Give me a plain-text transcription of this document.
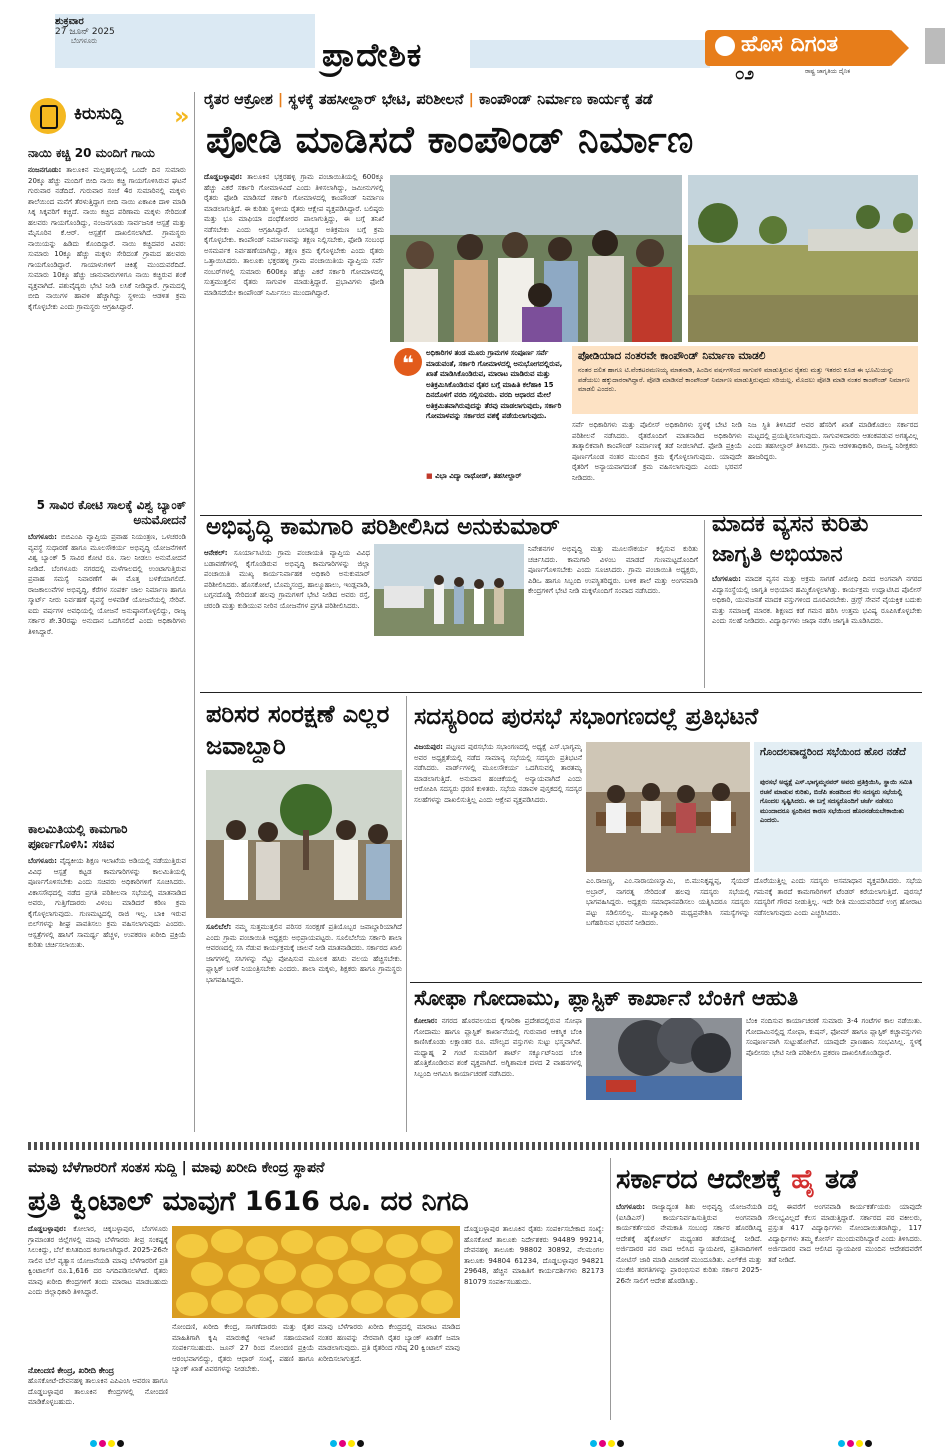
ಶುಕ್ರವಾರ
27 ಜೂನ್ 2025
ಬೆಂಗಳೂರು	ಪ್ರಾದೇಶಿಕ	ಹೊಸ ದಿಗಂತ
ರಾಷ್ಟ್ರ ಜಾಗೃತಿಯ ದೈನಿಕ
೦೨
ಕಿರುಸುದ್ದಿ »
ನಾಯಿ ಕಚ್ಚಿ 20 ಮಂದಿಗೆ ಗಾಯ
ನಂಜನಗೂಡು: ತಾಲೂಕಿನ ಮಲ್ಲಹಳ್ಳಿಯಲ್ಲಿ ಒಂದೇ ದಿನ ಸುಮಾರು 20ಕ್ಕೂ ಹೆಚ್ಚು ಮಂದಿಗೆ ಬೀದಿ ನಾಯಿ ಕಚ್ಚಿ ಗಾಯಗೊಳಿಸಿರುವ ಘಟನೆ ಗುರುವಾರ ನಡೆದಿದೆ. ಗುರುವಾರ ಸಂಜೆ 4ರ ಸುಮಾರಿನಲ್ಲಿ ಮಕ್ಕಳು ಶಾಲೆಯಿಂದ ಮನೆಗೆ ತೆರಳುತ್ತಿದ್ದಾಗ ಬೀದಿ ನಾಯಿ ಏಕಾಏಕಿ ದಾಳಿ ಮಾಡಿ ಸಿಕ್ಕ ಸಿಕ್ಕವರಿಗೆ ಕಚ್ಚಿದೆ. ನಾಯಿ ಕಚ್ಚಿದ ಪರಿಣಾಮ ಮಕ್ಕಳು ಸೇರಿದಂತೆ ಹಲವರು ಗಾಯಗೊಂಡಿದ್ದು, ನಂಜನಗೂಡು ಸಾರ್ವಜನಿಕ ಆಸ್ಪತ್ರೆ ಮತ್ತು ಮೈಸೂರಿನ ಕೆ.ಆರ್. ಆಸ್ಪತ್ರೆಗೆ ದಾಖಲಿಸಲಾಗಿದೆ. ಗ್ರಾಮಸ್ಥರು ನಾಯಿಯನ್ನು ಹಿಡಿದು ಕೊಂದಿದ್ದಾರೆ. ನಾಯಿ ಕಚ್ಚಿದವರ ವಿವರ: ಸುಮಾರು 10ಕ್ಕೂ ಹೆಚ್ಚು ಮಕ್ಕಳು ಸೇರಿದಂತೆ ಗ್ರಾಮದ ಹಲವರು ಗಾಯಗೊಂಡಿದ್ದಾರೆ. ಗಾಯಾಳುಗಳಿಗೆ ಚಿಕಿತ್ಸೆ ಮುಂದುವರೆದಿದೆ. ಸುಮಾರು 10ಕ್ಕೂ ಹೆಚ್ಚು ಜಾನುವಾರುಗಳಿಗೂ ನಾಯಿ ಕಚ್ಚಿರುವ ಶಂಕೆ ವ್ಯಕ್ತವಾಗಿದೆ. ಪಶುವೈದ್ಯರು ಭೇಟಿ ನೀಡಿ ಲಸಿಕೆ ನೀಡಿದ್ದಾರೆ. ಗ್ರಾಮದಲ್ಲಿ ಬೀದಿ ನಾಯಿಗಳ ಹಾವಳಿ ಹೆಚ್ಚಾಗಿದ್ದು ಸ್ಥಳೀಯ ಆಡಳಿತ ಕ್ರಮ ಕೈಗೊಳ್ಳಬೇಕು ಎಂದು ಗ್ರಾಮಸ್ಥರು ಆಗ್ರಹಿಸಿದ್ದಾರೆ.
5 ಸಾವಿರ ಕೋಟಿ ಸಾಲಕ್ಕೆ ವಿಶ್ವ ಬ್ಯಾಂಕ್ ಅನುಮೋದನೆ
ಬೆಂಗಳೂರು: ಬಿಬಿಎಂಪಿ ವ್ಯಾಪ್ತಿಯ ಪ್ರವಾಹ ನಿಯಂತ್ರಣ, ಒಳಚರಂಡಿ ವ್ಯವಸ್ಥೆ ಸುಧಾರಣೆ ಹಾಗೂ ಮೂಲಸೌಕರ್ಯ ಅಭಿವೃದ್ಧಿ ಯೋಜನೆಗಳಿಗೆ ವಿಶ್ವ ಬ್ಯಾಂಕ್ 5 ಸಾವಿರ ಕೋಟಿ ರೂ. ಸಾಲ ನೀಡಲು ಅನುಮೋದನೆ ನೀಡಿದೆ. ಬೆಂಗಳೂರು ನಗರದಲ್ಲಿ ಮಳೆಗಾಲದಲ್ಲಿ ಉಂಟಾಗುತ್ತಿರುವ ಪ್ರವಾಹ ಸಮಸ್ಯೆ ನಿವಾರಣೆಗೆ ಈ ಮೊತ್ತ ಬಳಕೆಯಾಗಲಿದೆ. ರಾಜಕಾಲುವೆಗಳ ಅಭಿವೃದ್ಧಿ, ಕೆರೆಗಳ ಸಂಪರ್ಕ ಜಾಲ ನಿರ್ಮಾಣ ಹಾಗೂ ಸ್ಮಾರ್ಟ್ ನೀರು ನಿರ್ವಹಣೆ ವ್ಯವಸ್ಥೆ ಅಳವಡಿಕೆ ಯೋಜನೆಯಲ್ಲಿ ಸೇರಿವೆ. ಐದು ವರ್ಷಗಳ ಅವಧಿಯಲ್ಲಿ ಯೋಜನೆ ಅನುಷ್ಠಾನಗೊಳ್ಳಲಿದ್ದು, ರಾಜ್ಯ ಸರ್ಕಾರ ಶೇ.30ರಷ್ಟು ಅನುದಾನ ಒದಗಿಸಲಿದೆ ಎಂದು ಅಧಿಕಾರಿಗಳು ತಿಳಿಸಿದ್ದಾರೆ.
ಕಾಲಮಿತಿಯಲ್ಲಿ ಕಾಮಗಾರಿ ಪೂರ್ಣಗೊಳಿಸಿ: ಸಚಿವ
ಬೆಂಗಳೂರು: ವೈದ್ಯಕೀಯ ಶಿಕ್ಷಣ ಇಲಾಖೆಯ ಅಡಿಯಲ್ಲಿ ನಡೆಯುತ್ತಿರುವ ವಿವಿಧ ಆಸ್ಪತ್ರೆ ಕಟ್ಟಡ ಕಾಮಗಾರಿಗಳನ್ನು ಕಾಲಮಿತಿಯಲ್ಲಿ ಪೂರ್ಣಗೊಳಿಸಬೇಕು ಎಂದು ಸಚಿವರು ಅಧಿಕಾರಿಗಳಿಗೆ ಸೂಚಿಸಿದರು. ವಿಕಾಸಸೌಧದಲ್ಲಿ ನಡೆದ ಪ್ರಗತಿ ಪರಿಶೀಲನಾ ಸಭೆಯಲ್ಲಿ ಮಾತನಾಡಿದ ಅವರು, ಗುತ್ತಿಗೆದಾರರು ವಿಳಂಬ ಮಾಡಿದರೆ ಕಠಿಣ ಕ್ರಮ ಕೈಗೊಳ್ಳಲಾಗುವುದು. ಗುಣಮಟ್ಟದಲ್ಲಿ ರಾಜಿ ಇಲ್ಲ. ಬಾಕಿ ಇರುವ ಬಿಲ್‌ಗಳನ್ನು ಶೀಘ್ರ ಪಾವತಿಸಲು ಕ್ರಮ ವಹಿಸಲಾಗುವುದು ಎಂದರು. ಆಸ್ಪತ್ರೆಗಳಲ್ಲಿ ಹಾಸಿಗೆ ಸಾಮರ್ಥ್ಯ ಹೆಚ್ಚಳ, ಉಪಕರಣ ಖರೀದಿ ಪ್ರಕ್ರಿಯೆ ಕುರಿತು ಚರ್ಚಿಸಲಾಯಿತು.
ರೈತರ ಆಕ್ರೋಶ | ಸ್ಥಳಕ್ಕೆ ತಹಸೀಲ್ದಾರ್ ಭೇಟಿ, ಪರಿಶೀಲನೆ | ಕಾಂಪೌಂಡ್ ನಿರ್ಮಾಣ ಕಾರ್ಯಕ್ಕೆ ತಡೆ
ಪೋಡಿ ಮಾಡಿಸದೆ ಕಾಂಪೌಂಡ್ ನಿರ್ಮಾಣ
ದೊಡ್ಡಬಳ್ಳಾಪುರ: ತಾಲೂಕಿನ ಭಕ್ತರಹಳ್ಳಿ ಗ್ರಾಮ ಪಂಚಾಯಿತಿಯಲ್ಲಿ 600ಕ್ಕೂ ಹೆಚ್ಚು ಎಕರೆ ಸರ್ಕಾರಿ ಗೋಮಾಳವಿದೆ ಎಂದು ತಿಳಿಸಲಾಗಿದ್ದು, ಜಮೀನುಗಳಲ್ಲಿ ರೈತರು ಫೋಡಿ ಮಾಡಿಸದೆ ಸರ್ಕಾರಿ ಗೋಮಾಳದಲ್ಲಿ ಕಾಂಪೌಂಡ್ ನಿರ್ಮಾಣ ಮಾಡಲಾಗುತ್ತಿದೆ. ಈ ಕುರಿತು ಸ್ಥಳೀಯ ರೈತರು ಆಕ್ಷೇಪ ವ್ಯಕ್ತಪಡಿಸಿದ್ದಾರೆ. ಬಲಿಷ್ಠರು ಮತ್ತು ಭೂ ಮಾಫಿಯಾ ದಂಧೆಕೋರರ ಪಾಲಾಗುತ್ತಿದ್ದು, ಈ ಬಗ್ಗೆ ತನಿಖೆ ನಡೆಸಬೇಕು ಎಂದು ಆಗ್ರಹಿಸಿದ್ದಾರೆ. ಬಲಾಢ್ಯರ ಅತಿಕ್ರಮಣ ಬಗ್ಗೆ ಕ್ರಮ ಕೈಗೊಳ್ಳಬೇಕು. ಕಾಂಪೌಂಡ್ ನಿರ್ಮಾಣವನ್ನು ತಕ್ಷಣ ನಿಲ್ಲಿಸಬೇಕು, ಫೋಡಿ ಸಂಬಂಧ ಅಸಮರ್ಪಕ ನಿರ್ವಹಣೆಯಾಗಿದ್ದು, ತಕ್ಷಣ ಕ್ರಮ ಕೈಗೊಳ್ಳಬೇಕು ಎಂದು ರೈತರು ಒತ್ತಾಯಿಸಿದರು. ತಾಲೂಕು ಭಕ್ತರಹಳ್ಳಿ ಗ್ರಾಮ ಪಂಚಾಯಿತಿಯ ವ್ಯಾಪ್ತಿಯ ಸರ್ವೆ ನಂಬರ್‌ಗಳಲ್ಲಿ ಸುಮಾರು 600ಕ್ಕೂ ಹೆಚ್ಚು ಎಕರೆ ಸರ್ಕಾರಿ ಗೋಮಾಳದಲ್ಲಿ ಸುತ್ತಮುತ್ತಲಿನ ರೈತರು ಸಾಗುವಳಿ ಮಾಡುತ್ತಿದ್ದಾರೆ. ಪ್ರಭಾವಿಗಳು ಫೋಡಿ ಮಾಡಿಸದೆಯೇ ಕಾಂಪೌಂಡ್ ನಿರ್ಮಿಸಲು ಮುಂದಾಗಿದ್ದಾರೆ.
❝	ಅಧಿಕಾರಿಗಳ ತಂಡ ಮೂರು ಗ್ರಾಮಗಳ ಸಂಪೂರ್ಣ ಸರ್ವೆ ಮಾಡುವಂತೆ, ಸರ್ಕಾರಿ ಗೋಮಾಳದಲ್ಲಿ ಅನುಭೋಗದಲ್ಲಿರುವ, ಖಾತೆ ಮಾಡಿಸಿಕೊಂಡಿರುವ, ಮಾರಾಟ ಮಾಡಿರುವ ಮತ್ತು ಅತಿಕ್ರಮಿಸಿಕೊಂಡಿರುವ ರೈತರ ಬಗ್ಗೆ ಮಾಹಿತಿ ಕಲೆಹಾಕಿ 15 ದಿನದೊಳಗೆ ವರದಿ ಸಲ್ಲಿಸುವರು. ವರದಿ ಆಧಾರದ ಮೇಲೆ ಅತಿಕ್ರಮಿತವಾಗಿರುವುದನ್ನು ತೆರವು ಮಾಡಲಾಗುವುದು, ಸರ್ಕಾರಿ ಗೋಮಾಳವನ್ನು ಸರ್ಕಾರದ ವಶಕ್ಕೆ ಪಡೆಯಲಾಗುವುದು.
■ ವಿಭಾ ವಿದ್ಯಾ ರಾಥೋಡ್, ತಹಸೀಲ್ದಾರ್
ಪೋಡಿಯಾದ ನಂತರವೇ ಕಾಂಪೌಂಡ್ ನಿರ್ಮಾಣ ಮಾಡಲಿ
ನಂತರ ದಲಿತ ಹಾಗೂ ಟಿ.ವೆಂಕಟರಮಣಯ್ಯ ಮಾತನಾಡಿ, ಹಿಂದಿನ ವರ್ಷಗಳಿಂದ ಸಾಗುವಳಿ ಮಾಡುತ್ತಿರುವ ರೈತರು ಮತ್ತು ಇತರರು ಕೂಡ ಈ ಭೂಮಿಯನ್ನು ಪಡೆಯಲು ಹಕ್ಕುದಾರರಾಗಿದ್ದಾರೆ. ಪೋಡಿ ಮಾಡಿಸದೆ ಕಾಂಪೌಂಡ್ ನಿರ್ಮಾಣ ಮಾಡುತ್ತಿರುವುದು ಸರಿಯಲ್ಲ. ಮೊದಲು ಪೋಡಿ ಮಾಡಿ ನಂತರ ಕಾಂಪೌಂಡ್ ನಿರ್ಮಾಣ ಮಾಡಲಿ ಎಂದರು.
ಸರ್ವೆ ಅಧಿಕಾರಿಗಳು ಮತ್ತು ಪೊಲೀಸ್ ಅಧಿಕಾರಿಗಳು ಸ್ಥಳಕ್ಕೆ ಬೇಟಿ ನೀಡಿ ಪರಿಶೀಲನೆ ನಡೆಸಿದರು. ರೈತರೊಂದಿಗೆ ಮಾತನಾಡಿದ ಅಧಿಕಾರಿಗಳು ತಾತ್ಕಾಲಿಕವಾಗಿ ಕಾಂಪೌಂಡ್ ನಿರ್ಮಾಣಕ್ಕೆ ತಡೆ ನೀಡಲಾಗಿದೆ. ಫೋಡಿ ಪ್ರಕ್ರಿಯೆ ಪೂರ್ಣಗೊಂಡ ನಂತರ ಮುಂದಿನ ಕ್ರಮ ಕೈಗೊಳ್ಳಲಾಗುವುದು. ಯಾವುದೇ ರೈತರಿಗೆ ಅನ್ಯಾಯವಾಗದಂತೆ ಕ್ರಮ ವಹಿಸಲಾಗುವುದು ಎಂದು ಭರವಸೆ ನೀಡಿದರು.
ನಿಜ ಸ್ಥಿತಿ ತಿಳಿಸಿದರೆ ಅವರ ಹೆಸರಿಗೆ ಖಾತೆ ಮಾಡಿಕೊಡಲು ಸರ್ಕಾರದ ಮಟ್ಟದಲ್ಲಿ ಪ್ರಯತ್ನಿಸಲಾಗುವುದು. ಸಾಗುವಳಿದಾರರು ಆತಂಕಪಡುವ ಅಗತ್ಯವಿಲ್ಲ ಎಂದು ತಹಸೀಲ್ದಾರ್ ತಿಳಿಸಿದರು. ಗ್ರಾಮ ಆಡಳಿತಾಧಿಕಾರಿ, ರಾಜಸ್ವ ನಿರೀಕ್ಷಕರು ಹಾಜರಿದ್ದರು.
ಅಭಿವೃದ್ಧಿ ಕಾಮಗಾರಿ ಪರಿಶೀಲಿಸಿದ ಅನುಕುಮಾರ್
ಆನೇಕಲ್: ಸೂರ್ಯಾಸಿಟಿಯ ಗ್ರಾಮ ಪಂಚಾಯತಿ ವ್ಯಾಪ್ತಿಯ ವಿವಿಧ ಬಡಾವಣೆಗಳಲ್ಲಿ ಕೈಗೊಂಡಿರುವ ಅಭಿವೃದ್ಧಿ ಕಾಮಗಾರಿಗಳನ್ನು ಜಿಲ್ಲಾ ಪಂಚಾಯಿತಿ ಮುಖ್ಯ ಕಾರ್ಯನಿರ್ವಾಹಕ ಅಧಿಕಾರಿ ಅನುಕುಮಾರ್ ಪರಿಶೀಲಿಸಿದರು. ಹೊಸಕೋಟೆ, ಬೊಮ್ಮಸಂದ್ರ, ಹಾಲ್ಮೂಹಾಲು, ಇಂಡ್ಲವಾಡಿ, ಬಗ್ಗನದೊಡ್ಡಿ ಸೇರಿದಂತೆ ಹಲವು ಗ್ರಾಮಗಳಿಗೆ ಭೇಟಿ ನೀಡಿದ ಅವರು ರಸ್ತೆ, ಚರಂಡಿ ಮತ್ತು ಕುಡಿಯುವ ನೀರಿನ ಯೋಜನೆಗಳ ಪ್ರಗತಿ ಪರಿಶೀಲಿಸಿದರು.
ನಿವೇಶನಗಳ ಅಭಿವೃದ್ಧಿ ಮತ್ತು ಮೂಲಸೌಕರ್ಯ ಕಲ್ಪಿಸುವ ಕುರಿತು ಚರ್ಚಿಸಿದರು. ಕಾಮಗಾರಿ ವಿಳಂಬ ಮಾಡದೆ ಗುಣಮಟ್ಟದೊಂದಿಗೆ ಪೂರ್ಣಗೊಳಿಸಬೇಕು ಎಂದು ಸೂಚಿಸಿದರು. ಗ್ರಾಮ ಪಂಚಾಯಿತಿ ಅಧ್ಯಕ್ಷರು, ಪಿಡಿಒ ಹಾಗೂ ಸಿಬ್ಬಂದಿ ಉಪಸ್ಥಿತರಿದ್ದರು. ಬಳಿಕ ಶಾಲೆ ಮತ್ತು ಅಂಗನವಾಡಿ ಕೇಂದ್ರಗಳಿಗೆ ಭೇಟಿ ನೀಡಿ ಮಕ್ಕಳೊಂದಿಗೆ ಸಂವಾದ ನಡೆಸಿದರು.
ಮಾದಕ ವ್ಯಸನ ಕುರಿತು ಜಾಗೃತಿ ಅಭಿಯಾನ
ಬೆಂಗಳೂರು: ಮಾದಕ ವ್ಯಸನ ಮತ್ತು ಅಕ್ರಮ ಸಾಗಣೆ ವಿರೋಧಿ ದಿನದ ಅಂಗವಾಗಿ ನಗರದ ವಿದ್ಯಾಸಂಸ್ಥೆಯಲ್ಲಿ ಜಾಗೃತಿ ಅಭಿಯಾನ ಹಮ್ಮಿಕೊಳ್ಳಲಾಗಿತ್ತು. ಕಾರ್ಯಕ್ರಮ ಉದ್ಘಾಟಿಸಿದ ಪೊಲೀಸ್ ಅಧಿಕಾರಿ, ಯುವಜನತೆ ಮಾದಕ ವಸ್ತುಗಳಿಂದ ದೂರವಿರಬೇಕು. ಡ್ರಗ್ಸ್ ಸೇವನೆ ವೈಯಕ್ತಿಕ ಬದುಕು ಮತ್ತು ಸಮಾಜಕ್ಕೆ ಮಾರಕ. ಶಿಕ್ಷಣದ ಕಡೆ ಗಮನ ಹರಿಸಿ ಉತ್ತಮ ಭವಿಷ್ಯ ರೂಪಿಸಿಕೊಳ್ಳಬೇಕು ಎಂದು ಸಲಹೆ ನೀಡಿದರು. ವಿದ್ಯಾರ್ಥಿಗಳು ಜಾಥಾ ನಡೆಸಿ ಜಾಗೃತಿ ಮೂಡಿಸಿದರು.
ಪರಿಸರ ಸಂರಕ್ಷಣೆ ಎಲ್ಲರ ಜವಾಬ್ದಾರಿ
ಸೂಲಿಬೆಲೆ: ನಮ್ಮ ಸುತ್ತಮುತ್ತಲಿನ ಪರಿಸರ ಸಂರಕ್ಷಣೆ ಪ್ರತಿಯೊಬ್ಬರ ಜವಾಬ್ದಾರಿಯಾಗಿದೆ ಎಂದು ಗ್ರಾಮ ಪಂಚಾಯಿತಿ ಅಧ್ಯಕ್ಷರು ಅಭಿಪ್ರಾಯಪಟ್ಟರು. ಸೂಲಿಬೆಲೆಯ ಸರ್ಕಾರಿ ಶಾಲಾ ಆವರಣದಲ್ಲಿ ಸಸಿ ನೆಡುವ ಕಾರ್ಯಕ್ರಮಕ್ಕೆ ಚಾಲನೆ ನೀಡಿ ಮಾತನಾಡಿದರು. ಸರ್ಕಾರದ ಖಾಲಿ ಜಾಗಗಳಲ್ಲಿ ಸಸಿಗಳನ್ನು ನೆಟ್ಟು ಪೋಷಿಸುವ ಮೂಲಕ ಹಸಿರು ವಲಯ ಹೆಚ್ಚಿಸಬೇಕು. ಪ್ಲಾಸ್ಟಿಕ್ ಬಳಕೆ ನಿಯಂತ್ರಿಸಬೇಕು ಎಂದರು. ಶಾಲಾ ಮಕ್ಕಳು, ಶಿಕ್ಷಕರು ಹಾಗೂ ಗ್ರಾಮಸ್ಥರು ಭಾಗವಹಿಸಿದ್ದರು.
ಸದಸ್ಯರಿಂದ ಪುರಸಭೆ ಸಭಾಂಗಣದಲ್ಲೆ ಪ್ರತಿಭಟನೆ
ವಿಜಯಪುರ: ಪಟ್ಟಣದ ಪುರಸಭೆಯ ಸಭಾಂಗಣದಲ್ಲಿ ಅಧ್ಯಕ್ಷೆ ಎಸ್.ಭಾಗ್ಯಮ್ಮ ಅವರ ಅಧ್ಯಕ್ಷತೆಯಲ್ಲಿ ನಡೆದ ಸಾಮಾನ್ಯ ಸಭೆಯಲ್ಲಿ ಸದಸ್ಯರು ಪ್ರತಿಭಟನೆ ನಡೆಸಿದರು. ವಾರ್ಡ್‌ಗಳಲ್ಲಿ ಮೂಲಸೌಕರ್ಯ ಒದಗಿಸುವಲ್ಲಿ ತಾರತಮ್ಯ ಮಾಡಲಾಗುತ್ತಿದೆ. ಅನುದಾನ ಹಂಚಿಕೆಯಲ್ಲಿ ಅನ್ಯಾಯವಾಗಿದೆ ಎಂದು ಆರೋಪಿಸಿ ಸದಸ್ಯರು ಧರಣಿ ಕುಳಿತರು. ಸಭೆಯ ನಡಾವಳಿ ಪುಸ್ತಕದಲ್ಲಿ ಸದಸ್ಯರ ಸಲಹೆಗಳನ್ನು ದಾಖಲಿಸುತ್ತಿಲ್ಲ ಎಂದು ಆಕ್ಷೇಪ ವ್ಯಕ್ತಪಡಿಸಿದರು.
ಗೊಂದಲವಾದ್ದರಿಂದ ಸಭೆಯಿಂದ ಹೊರ ನಡೆದೆ
ಪುರಸಭೆ ಅಧ್ಯಕ್ಷೆ ಎಸ್.ಭಾಗ್ಯಮ್ಮನವರ್ ಅವರು ಪ್ರತಿಕ್ರಿಯಿಸಿ, ಸ್ಥಾಯಿ ಸಮಿತಿ ರಚನೆ ಮಾಡುವ ಕುರಿತು, ಬಿಜೆಪಿ ತಂಡದಿಂದ ಕೆಲ ಸದಸ್ಯರು ಸಭೆಯಲ್ಲಿ ಗೊಂದಲ ಸೃಷ್ಟಿಸಿದರು. ಈ ಬಗ್ಗೆ ಸದಸ್ಯರೊಂದಿಗೆ ಚರ್ಚೆ ನಡೆಸಲು ಮುಂದಾದರೂ ಸ್ಪಂದಿಸದ ಕಾರಣ ಸಭೆಯಿಂದ ಹೊರನಡೆಯಬೇಕಾಯಿತು ಎಂದರು.
ಎಂ.ರಾಜಣ್ಣ, ಎಂ.ನಾರಾಯಣಸ್ವಾಮಿ, ಬಿ.ಮುನಿಕೃಷ್ಣಪ್ಪ, ಸೈಯದ್ ಅಬ್ರಾರ್, ನಾಗರತ್ನ ಸೇರಿದಂತೆ ಹಲವು ಸದಸ್ಯರು ಸಭೆಯಲ್ಲಿ ಭಾಗವಹಿಸಿದ್ದರು. ಅಧ್ಯಕ್ಷರು ಸಮಾಧಾನಪಡಿಸಲು ಯತ್ನಿಸಿದರೂ ಸದಸ್ಯರು ಪಟ್ಟು ಸಡಿಲಿಸಲಿಲ್ಲ. ಮುಖ್ಯಾಧಿಕಾರಿ ಮಧ್ಯಪ್ರವೇಶಿಸಿ ಸಮಸ್ಯೆಗಳನ್ನು ಬಗೆಹರಿಸುವ ಭರವಸೆ ನೀಡಿದರು.
ದೊರೆಯುತ್ತಿಲ್ಲ ಎಂದು ಸದಸ್ಯರು ಅಸಮಾಧಾನ ವ್ಯಕ್ತಪಡಿಸಿದರು. ಸಭೆಯ ಗಮನಕ್ಕೆ ತಾರದೆ ಕಾಮಗಾರಿಗಳಿಗೆ ಟೆಂಡರ್ ಕರೆಯಲಾಗುತ್ತಿದೆ. ಪುರಸಭೆ ಸದಸ್ಯರಿಗೆ ಗೌರವ ನೀಡುತ್ತಿಲ್ಲ. ಇದೇ ರೀತಿ ಮುಂದುವರಿದರೆ ಉಗ್ರ ಹೋರಾಟ ನಡೆಸಲಾಗುವುದು ಎಂದು ಎಚ್ಚರಿಸಿದರು.
ಸೋಫಾ ಗೋದಾಮು, ಪ್ಲಾಸ್ಟಿಕ್ ಕಾರ್ಖಾನೆ ಬೆಂಕಿಗೆ ಆಹುತಿ
ಕೋಲಾರ: ನಗರದ ಹೊರವಲಯದ ಕೈಗಾರಿಕಾ ಪ್ರದೇಶದಲ್ಲಿರುವ ಸೋಫಾ ಗೋದಾಮು ಹಾಗೂ ಪ್ಲಾಸ್ಟಿಕ್ ಕಾರ್ಖಾನೆಯಲ್ಲಿ ಗುರುವಾರ ಆಕಸ್ಮಿಕ ಬೆಂಕಿ ಕಾಣಿಸಿಕೊಂಡು ಲಕ್ಷಾಂತರ ರೂ. ಮೌಲ್ಯದ ವಸ್ತುಗಳು ಸುಟ್ಟು ಭಸ್ಮವಾಗಿವೆ. ಮಧ್ಯಾಹ್ನ 2 ಗಂಟೆ ಸುಮಾರಿಗೆ ಶಾರ್ಟ್ ಸರ್ಕ್ಯೂಟ್‌ನಿಂದ ಬೆಂಕಿ ಹೊತ್ತಿಕೊಂಡಿರುವ ಶಂಕೆ ವ್ಯಕ್ತವಾಗಿದೆ. ಅಗ್ನಿಶಾಮಕ ದಳದ 2 ವಾಹನಗಳಲ್ಲಿ ಸಿಬ್ಬಂದಿ ಆಗಮಿಸಿ ಕಾರ್ಯಾಚರಣೆ ನಡೆಸಿದರು.
ಬೆಂಕಿ ನಂದಿಸುವ ಕಾರ್ಯಾಚರಣೆ ಸುಮಾರು 3-4 ಗಂಟೆಗಳ ಕಾಲ ನಡೆಯಿತು. ಗೋದಾಮಿನಲ್ಲಿದ್ದ ಸೋಫಾ, ಕುಷನ್, ಫೋಮ್ ಹಾಗೂ ಪ್ಲಾಸ್ಟಿಕ್ ಕಚ್ಚಾವಸ್ತುಗಳು ಸಂಪೂರ್ಣವಾಗಿ ಸುಟ್ಟುಹೋಗಿವೆ. ಯಾವುದೇ ಪ್ರಾಣಹಾನಿ ಸಂಭವಿಸಿಲ್ಲ. ಸ್ಥಳಕ್ಕೆ ಪೊಲೀಸರು ಭೇಟಿ ನೀಡಿ ಪರಿಶೀಲಿಸಿ ಪ್ರಕರಣ ದಾಖಲಿಸಿಕೊಂಡಿದ್ದಾರೆ.
ಮಾವು ಬೆಳೆಗಾರರಿಗೆ ಸಂತಸ ಸುದ್ದಿ | ಮಾವು ಖರೀದಿ ಕೇಂದ್ರ ಸ್ಥಾಪನೆ
ಪ್ರತಿ ಕ್ವಿಂಟಾಲ್ ಮಾವುಗೆ 1616 ರೂ. ದರ ನಿಗದಿ
ದೊಡ್ಡಬಳ್ಳಾಪುರ: ಕೋಲಾರ, ಚಿಕ್ಕಬಳ್ಳಾಪುರ, ಬೆಂಗಳೂರು ಗ್ರಾಮಾಂತರ ಜಿಲ್ಲೆಗಳಲ್ಲಿ ಮಾವು ಬೆಳೆಗಾರರು ತೀವ್ರ ಸಂಕಷ್ಟಕ್ಕೆ ಸಿಲುಕಿದ್ದು, ಬೆಲೆ ಕುಸಿತದಿಂದ ಕಂಗಾಲಾಗಿದ್ದಾರೆ. 2025-26ನೇ ಸಾಲಿನ ಬೆಲೆ ವ್ಯತ್ಯಾಸ ಯೋಜನೆಯಡಿ ಮಾವು ಬೆಳೆಗಾರರಿಗೆ ಪ್ರತಿ ಕ್ವಿಂಟಾಲ್‌ಗೆ ರೂ.1,616 ದರ ನಿಗದಿಪಡಿಸಲಾಗಿದೆ. ರೈತರು ಮಾವು ಖರೀದಿ ಕೇಂದ್ರಗಳಿಗೆ ತಂದು ಮಾರಾಟ ಮಾಡಬಹುದು ಎಂದು ಜಿಲ್ಲಾಧಿಕಾರಿ ತಿಳಿಸಿದ್ದಾರೆ.
ನೋಂದಣಿ ಕೇಂದ್ರ, ಖರೀದಿ ಕೇಂದ್ರ
ಹೊಸಕೋಟೆ-ದೇವನಹಳ್ಳಿ ತಾಲೂಕಿನ ಎಪಿಎಂಸಿ ಆವರಣ ಹಾಗೂ ದೊಡ್ಡಬಳ್ಳಾಪುರ ತಾಲೂಕಿನ ಕೇಂದ್ರಗಳಲ್ಲಿ ನೋಂದಣಿ ಮಾಡಿಕೊಳ್ಳಬಹುದು.
ನೋಂದಣಿ, ಖರೀದಿ ಕೇಂದ್ರ, ಸಾಗಣೆದಾರರು ಮತ್ತು ರೈತರ ಮಾಹಿತಿಗಾಗಿ ಕೃಷಿ ಮಾರುಕಟ್ಟೆ ಇಲಾಖೆ ಸಹಾಯವಾಣಿ ಸಂಪರ್ಕಿಸಬಹುದು. ಜೂನ್ 27 ರಿಂದ ನೋಂದಣಿ ಪ್ರಕ್ರಿಯೆ ಆರಂಭವಾಗಲಿದ್ದು, ರೈತರು ಆಧಾರ್ ಸಂಖ್ಯೆ, ಪಹಣಿ ಹಾಗೂ ಬ್ಯಾಂಕ್ ಖಾತೆ ವಿವರಗಳನ್ನು ನೀಡಬೇಕು.
ಮಾವು ಬೆಳೆಗಾರರು ಖರೀದಿ ಕೇಂದ್ರದಲ್ಲಿ ಮಾರಾಟ ಮಾಡಿದ ನಂತರ ಹಣವನ್ನು ನೇರವಾಗಿ ರೈತರ ಬ್ಯಾಂಕ್ ಖಾತೆಗೆ ಜಮಾ ಮಾಡಲಾಗುವುದು. ಪ್ರತಿ ರೈತರಿಂದ ಗರಿಷ್ಠ 20 ಕ್ವಿಂಟಾಲ್ ಮಾವು ಖರೀದಿಸಲಾಗುತ್ತದೆ.
ದೊಡ್ಡಬಳ್ಳಾಪುರ ತಾಲೂಕಿನ ರೈತರು ಸಂಪರ್ಕಿಸಬೇಕಾದ ಸಂಖ್ಯೆ: ಹೊಸಕೋಟೆ ತಾಲೂಕು ನಿರ್ದೇಶಕರು 94489 99214, ದೇವನಹಳ್ಳಿ ತಾಲೂಕು 98802 30892, ನೆಲಮಂಗಲ ತಾಲೂಕು 94804 61234, ದೊಡ್ಡಬಳ್ಳಾಪುರ 94821 29648, ಹೆಚ್ಚಿನ ಮಾಹಿತಿಗೆ ಕಾರ್ಯದರ್ಶಿಗಳು 82173 81079 ಸಂಪರ್ಕಿಸಬಹುದು.
ಸರ್ಕಾರದ ಆದೇಶಕ್ಕೆ ಹೈ ತಡೆ
ಬೆಂಗಳೂರು: ರಾಜ್ಯಾದ್ಯಂತ ಶಿಶು ಅಭಿವೃದ್ಧಿ ಯೋಜನೆಯಡಿ (ಐಸಿಡಿಎಸ್) ಕಾರ್ಯನಿರ್ವಹಿಸುತ್ತಿರುವ ಅಂಗನವಾಡಿ ಕಾರ್ಯಕರ್ತೆಯರ ನೇಮಕಾತಿ ಸಂಬಂಧ ಸರ್ಕಾರ ಹೊರಡಿಸಿದ್ದ ಆದೇಶಕ್ಕೆ ಹೈಕೋರ್ಟ್ ಮಧ್ಯಂತರ ತಡೆಯಾಜ್ಞೆ ನೀಡಿದೆ. ಅರ್ಜಿದಾರರ ಪರ ವಾದ ಆಲಿಸಿದ ನ್ಯಾಯಪೀಠ, ಪ್ರತಿವಾದಿಗಳಿಗೆ ನೋಟಿಸ್ ಜಾರಿ ಮಾಡಿ ವಿಚಾರಣೆ ಮುಂದೂಡಿತು. ಎಲ್‌ಕೆಜಿ ಮತ್ತು ಯುಕೆಜಿ ತರಗತಿಗಳನ್ನು ಪ್ರಾರಂಭಿಸುವ ಕುರಿತು ಸರ್ಕಾರ 2025-26ನೇ ಸಾಲಿಗೆ ಆದೇಶ ಹೊರಡಿಸಿತ್ತು.
ದಲ್ಲಿ ಈವರೆಗೆ ಅಂಗನವಾಡಿ ಕಾರ್ಯಕರ್ತೆಯರು ಯಾವುದೇ ಸೌಲಭ್ಯವಿಲ್ಲದೆ ಕೆಲಸ ಮಾಡುತ್ತಿದ್ದಾರೆ. ಸರ್ಕಾರದ ಪರ ವಕೀಲರು, ಪ್ರಸ್ತುತ 417 ವಿದ್ಯಾರ್ಥಿಗಳು ನೋಂದಾಯಿತರಾಗಿದ್ದು, 117 ವಿದ್ಯಾರ್ಥಿಗಳು ತಮ್ಮ ಕೋರ್ಸ್ ಮುಂದುವರಿಸಿದ್ದಾರೆ ಎಂದು ತಿಳಿಸಿದರು. ಅರ್ಜಿದಾರರ ವಾದ ಆಲಿಸಿದ ನ್ಯಾಯಪೀಠ ಮುಂದಿನ ಆದೇಶದವರೆಗೆ ತಡೆ ನೀಡಿದೆ.
